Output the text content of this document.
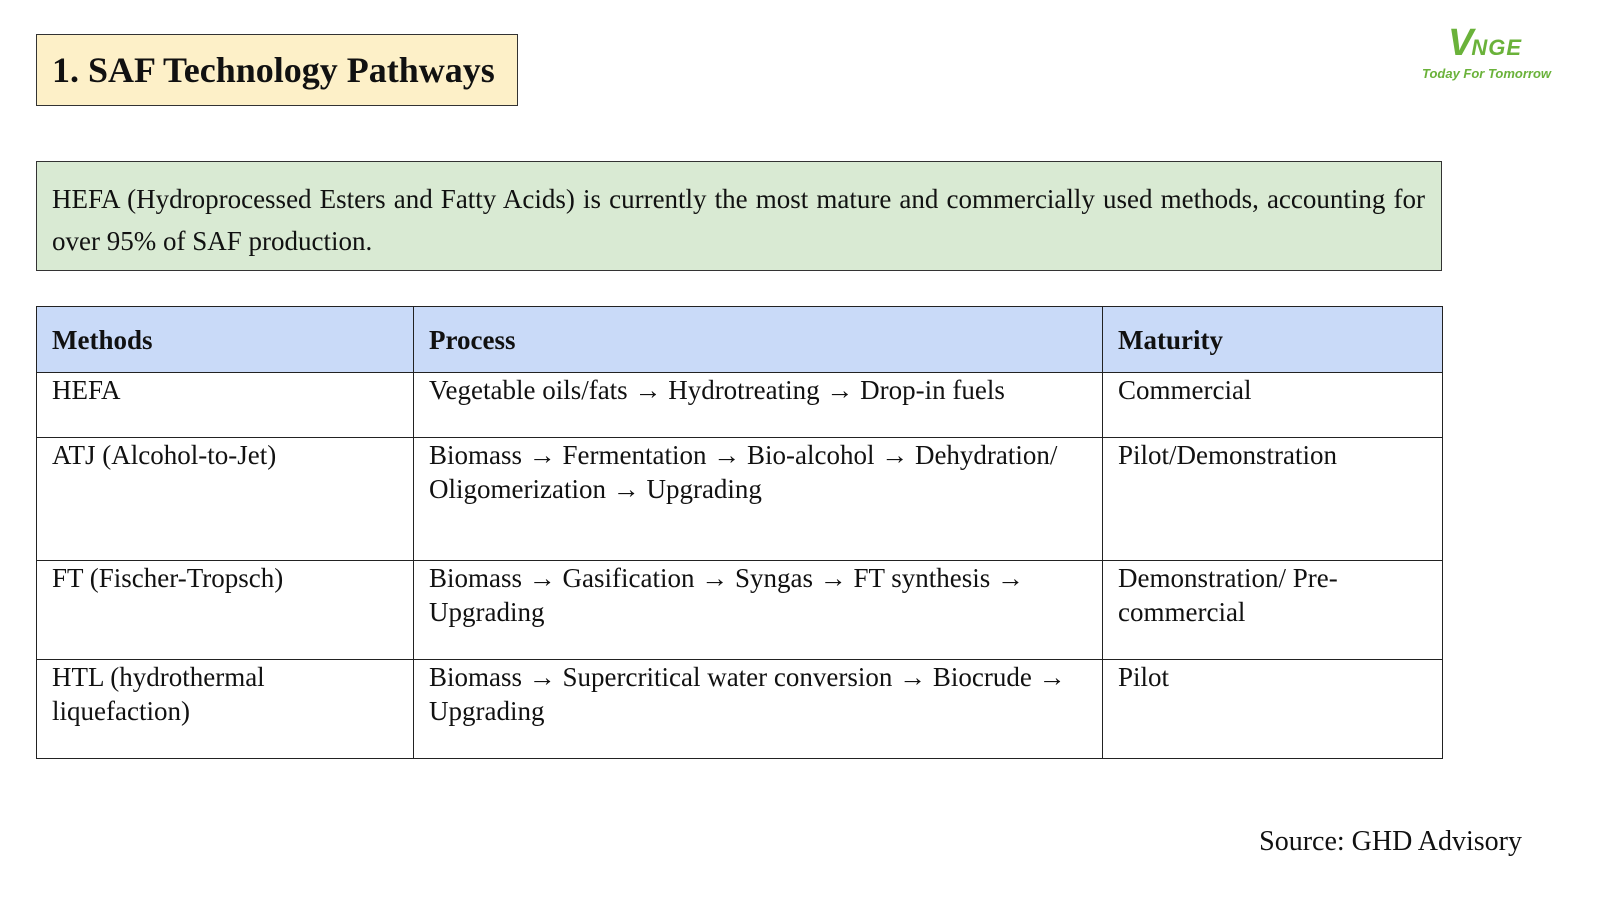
1. SAF Technology Pathways
VNGE
Today For Tomorrow
HEFA (Hydroprocessed Esters and Fatty Acids) is currently the most mature and commercially used methods, accounting for over 95% of SAF production.
Methods	Process	Maturity
HEFA	Vegetable oils/fats → Hydrotreating → Drop-in fuels	Commercial
ATJ (Alcohol-to-Jet)	Biomass → Fermentation → Bio-alcohol → Dehydration/ Oligomerization → Upgrading	Pilot/Demonstration
FT (Fischer-Tropsch)	Biomass → Gasification → Syngas → FT synthesis → Upgrading	Demonstration/ Pre-commercial
HTL (hydrothermal liquefaction)	Biomass → Supercritical water conversion → Biocrude → Upgrading	Pilot
Source: GHD Advisory
